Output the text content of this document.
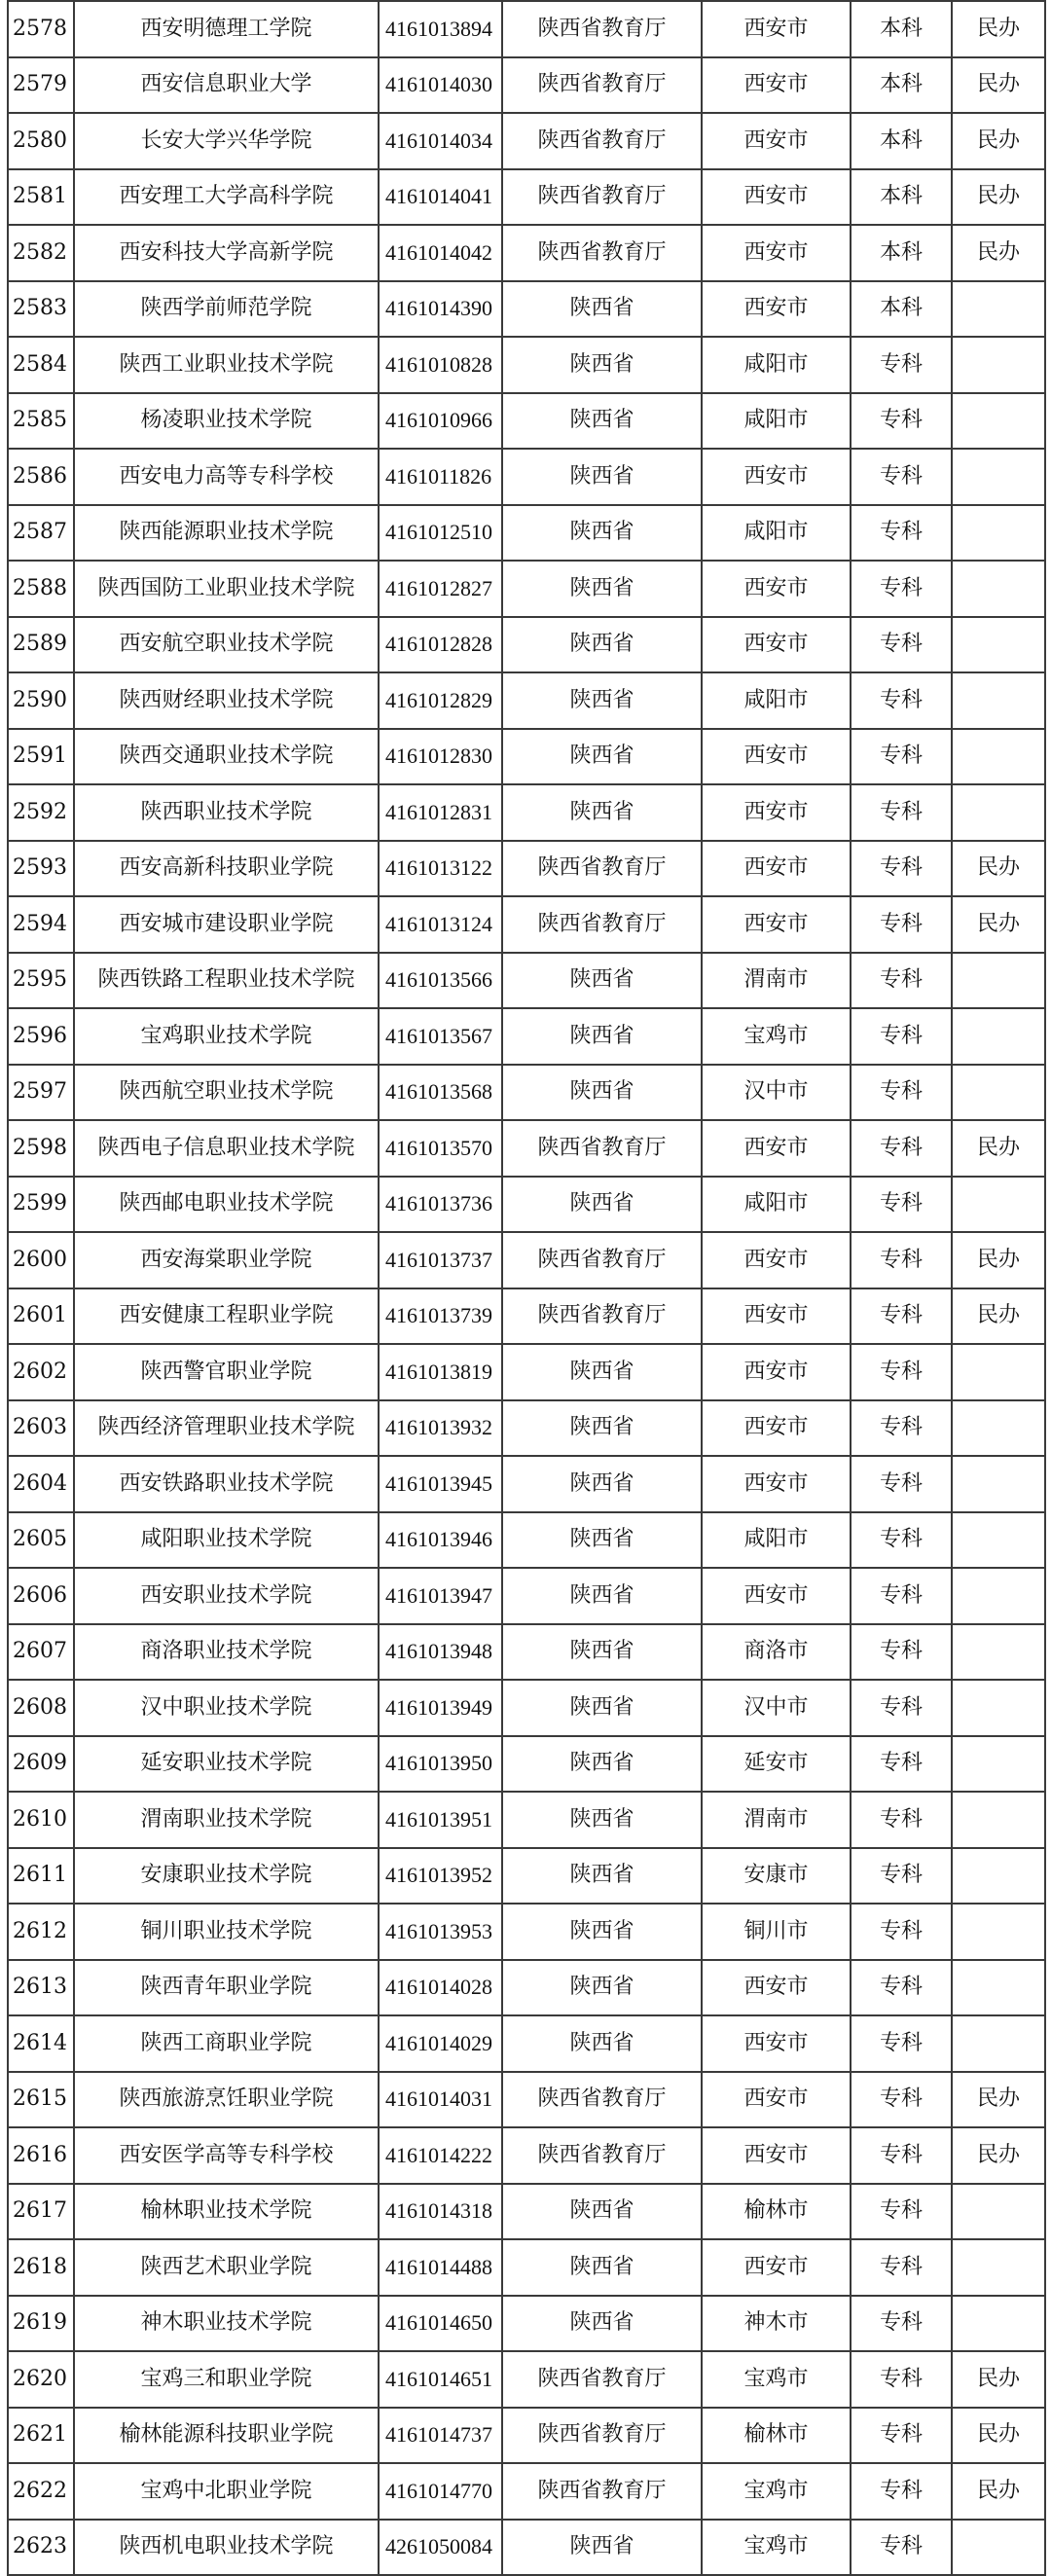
2578	西安明德理工学院	4161013894	陕西省教育厅	西安市	本科	民办
2579	西安信息职业大学	4161014030	陕西省教育厅	西安市	本科	民办
2580	长安大学兴华学院	4161014034	陕西省教育厅	西安市	本科	民办
2581	西安理工大学高科学院	4161014041	陕西省教育厅	西安市	本科	民办
2582	西安科技大学高新学院	4161014042	陕西省教育厅	西安市	本科	民办
2583	陕西学前师范学院	4161014390	陕西省	西安市	本科	
2584	陕西工业职业技术学院	4161010828	陕西省	咸阳市	专科	
2585	杨凌职业技术学院	4161010966	陕西省	咸阳市	专科	
2586	西安电力高等专科学校	4161011826	陕西省	西安市	专科	
2587	陕西能源职业技术学院	4161012510	陕西省	咸阳市	专科	
2588	陕西国防工业职业技术学院	4161012827	陕西省	西安市	专科	
2589	西安航空职业技术学院	4161012828	陕西省	西安市	专科	
2590	陕西财经职业技术学院	4161012829	陕西省	咸阳市	专科	
2591	陕西交通职业技术学院	4161012830	陕西省	西安市	专科	
2592	陕西职业技术学院	4161012831	陕西省	西安市	专科	
2593	西安高新科技职业学院	4161013122	陕西省教育厅	西安市	专科	民办
2594	西安城市建设职业学院	4161013124	陕西省教育厅	西安市	专科	民办
2595	陕西铁路工程职业技术学院	4161013566	陕西省	渭南市	专科	
2596	宝鸡职业技术学院	4161013567	陕西省	宝鸡市	专科	
2597	陕西航空职业技术学院	4161013568	陕西省	汉中市	专科	
2598	陕西电子信息职业技术学院	4161013570	陕西省教育厅	西安市	专科	民办
2599	陕西邮电职业技术学院	4161013736	陕西省	咸阳市	专科	
2600	西安海棠职业学院	4161013737	陕西省教育厅	西安市	专科	民办
2601	西安健康工程职业学院	4161013739	陕西省教育厅	西安市	专科	民办
2602	陕西警官职业学院	4161013819	陕西省	西安市	专科	
2603	陕西经济管理职业技术学院	4161013932	陕西省	西安市	专科	
2604	西安铁路职业技术学院	4161013945	陕西省	西安市	专科	
2605	咸阳职业技术学院	4161013946	陕西省	咸阳市	专科	
2606	西安职业技术学院	4161013947	陕西省	西安市	专科	
2607	商洛职业技术学院	4161013948	陕西省	商洛市	专科	
2608	汉中职业技术学院	4161013949	陕西省	汉中市	专科	
2609	延安职业技术学院	4161013950	陕西省	延安市	专科	
2610	渭南职业技术学院	4161013951	陕西省	渭南市	专科	
2611	安康职业技术学院	4161013952	陕西省	安康市	专科	
2612	铜川职业技术学院	4161013953	陕西省	铜川市	专科	
2613	陕西青年职业学院	4161014028	陕西省	西安市	专科	
2614	陕西工商职业学院	4161014029	陕西省	西安市	专科	
2615	陕西旅游烹饪职业学院	4161014031	陕西省教育厅	西安市	专科	民办
2616	西安医学高等专科学校	4161014222	陕西省教育厅	西安市	专科	民办
2617	榆林职业技术学院	4161014318	陕西省	榆林市	专科	
2618	陕西艺术职业学院	4161014488	陕西省	西安市	专科	
2619	神木职业技术学院	4161014650	陕西省	神木市	专科	
2620	宝鸡三和职业学院	4161014651	陕西省教育厅	宝鸡市	专科	民办
2621	榆林能源科技职业学院	4161014737	陕西省教育厅	榆林市	专科	民办
2622	宝鸡中北职业学院	4161014770	陕西省教育厅	宝鸡市	专科	民办
2623	陕西机电职业技术学院	4261050084	陕西省	宝鸡市	专科	
